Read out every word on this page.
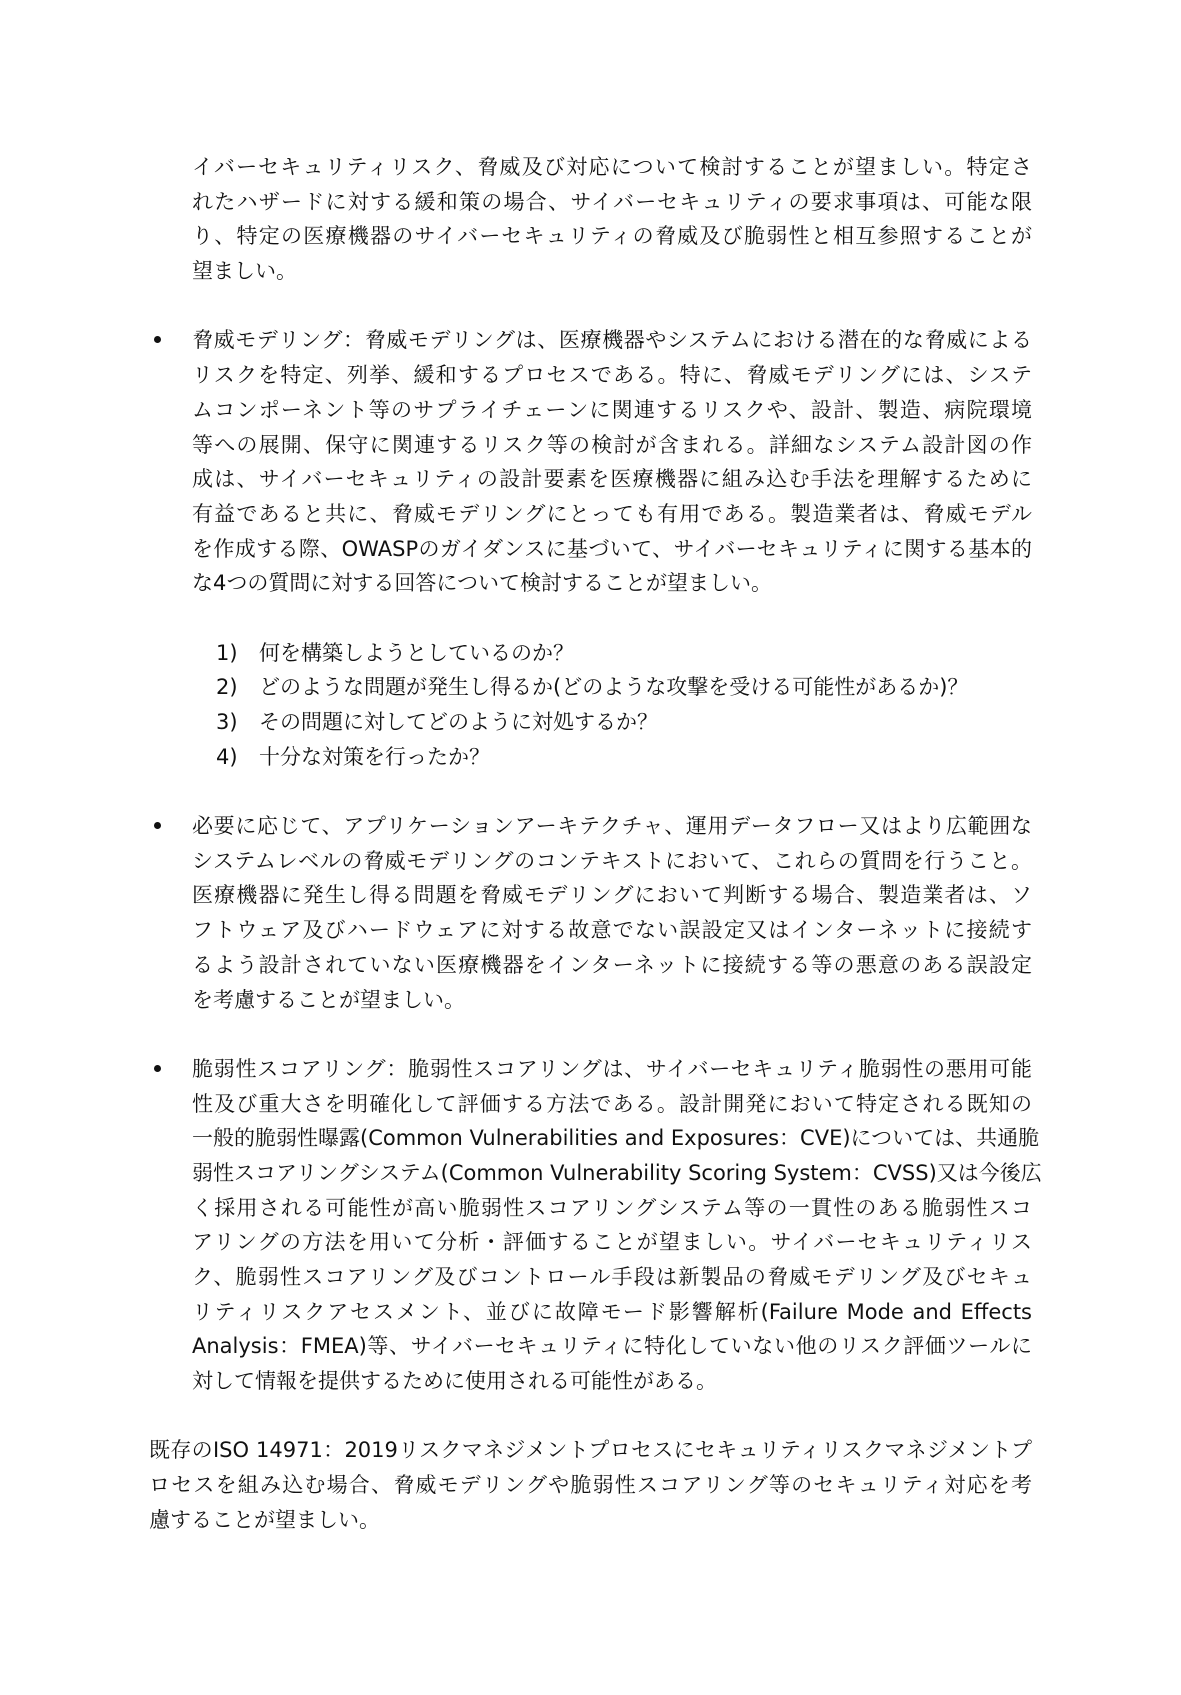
イバーセキュリティリスク、脅威及び対応について検討することが望ましい。特定さ
れたハザードに対する緩和策の場合、サイバーセキュリティの要求事項は、可能な限
り、特定の医療機器のサイバーセキュリティの脅威及び脆弱性と相互参照することが
望ましい。
脅威モデリング：脅威モデリングは、医療機器やシステムにおける潜在的な脅威による
リスクを特定、列挙、緩和するプロセスである。特に、脅威モデリングには、システ
ムコンポーネント等のサプライチェーンに関連するリスクや、設計、製造、病院環境
等への展開、保守に関連するリスク等の検討が含まれる。詳細なシステム設計図の作
成は、サイバーセキュリティの設計要素を医療機器に組み込む手法を理解するために
有益であると共に、脅威モデリングにとっても有用である。製造業者は、脅威モデル
を作成する際、OWASPのガイダンスに基づいて、サイバーセキュリティに関する基本的
な4つの質問に対する回答について検討することが望ましい。
1) 何を構築しようとしているのか？
2) どのような問題が発生し得るか(どのような攻撃を受ける可能性があるか)？
3) その問題に対してどのように対処するか？
4) 十分な対策を行ったか？
必要に応じて、アプリケーションアーキテクチャ、運用データフロー又はより広範囲な
システムレベルの脅威モデリングのコンテキストにおいて、これらの質問を行うこと。
医療機器に発生し得る問題を脅威モデリングにおいて判断する場合、製造業者は、ソ
フトウェア及びハードウェアに対する故意でない誤設定又はインターネットに接続す
るよう設計されていない医療機器をインターネットに接続する等の悪意のある誤設定
を考慮することが望ましい。
脆弱性スコアリング：脆弱性スコアリングは、サイバーセキュリティ脆弱性の悪用可能
性及び重大さを明確化して評価する方法である。設計開発において特定される既知の
一般的脆弱性曝露(Common Vulnerabilities and Exposures：CVE)については、共通脆
弱性スコアリングシステム(Common Vulnerability Scoring System：CVSS)又は今後広
く採用される可能性が高い脆弱性スコアリングシステム等の一貫性のある脆弱性スコ
アリングの方法を用いて分析・評価することが望ましい。サイバーセキュリティリス
ク、脆弱性スコアリング及びコントロール手段は新製品の脅威モデリング及びセキュ
リティリスクアセスメント、並びに故障モード影響解析(Failure Mode and Effects
Analysis：FMEA)等、サイバーセキュリティに特化していない他のリスク評価ツールに
対して情報を提供するために使用される可能性がある。
既存のISO 14971：2019リスクマネジメントプロセスにセキュリティリスクマネジメントプ
ロセスを組み込む場合、脅威モデリングや脆弱性スコアリング等のセキュリティ対応を考
慮することが望ましい。
